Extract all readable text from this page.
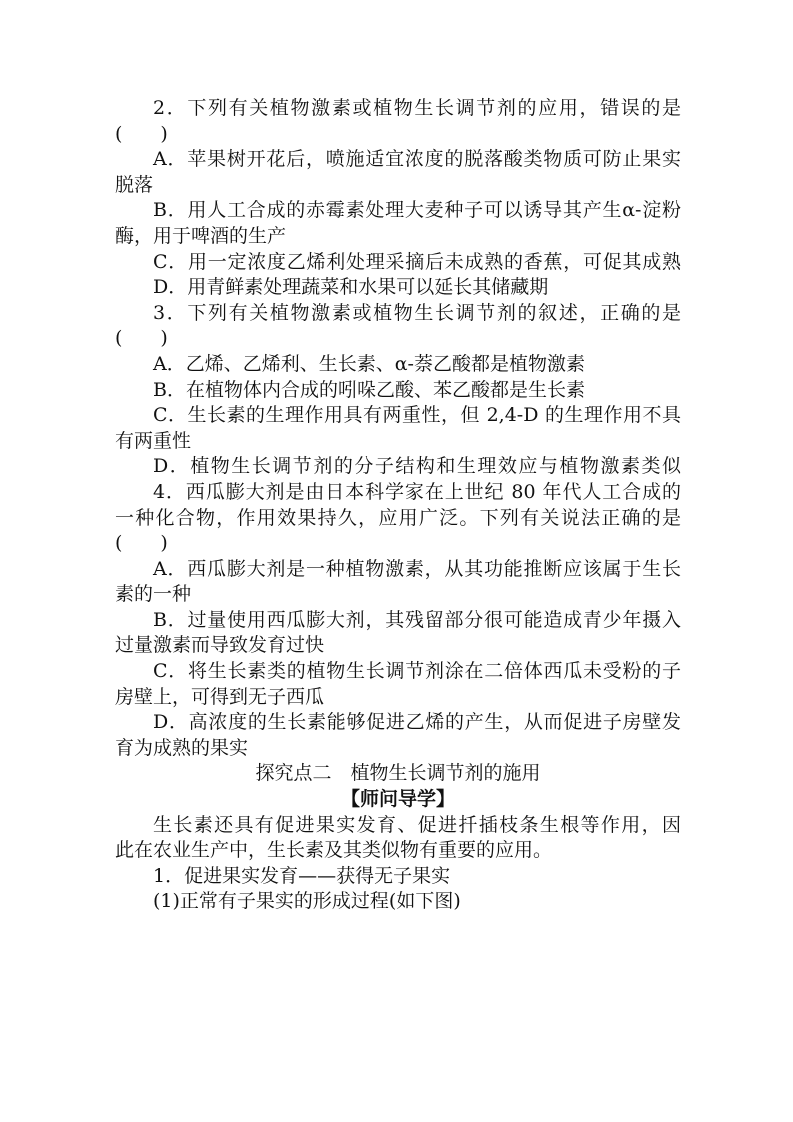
2．下列有关植物激素或植物生长调节剂的应用，错误的是
(　　)
A．苹果树开花后，喷施适宜浓度的脱落酸类物质可防止果实
脱落
B．用人工合成的赤霉素处理大麦种子可以诱导其产生α-淀粉
酶，用于啤酒的生产
C．用一定浓度乙烯利处理采摘后未成熟的香蕉，可促其成熟
D．用青鲜素处理蔬菜和水果可以延长其储藏期
3．下列有关植物激素或植物生长调节剂的叙述，正确的是
(　　)
A．乙烯、乙烯利、生长素、α-萘乙酸都是植物激素
B．在植物体内合成的吲哚乙酸、苯乙酸都是生长素
C．生长素的生理作用具有两重性，但 2,4-D 的生理作用不具
有两重性
D．植物生长调节剂的分子结构和生理效应与植物激素类似
4．西瓜膨大剂是由日本科学家在上世纪 80 年代人工合成的
一种化合物，作用效果持久，应用广泛。下列有关说法正确的是
(　　)
A．西瓜膨大剂是一种植物激素，从其功能推断应该属于生长
素的一种
B．过量使用西瓜膨大剂，其残留部分很可能造成青少年摄入
过量激素而导致发育过快
C．将生长素类的植物生长调节剂涂在二倍体西瓜未受粉的子
房壁上，可得到无子西瓜
D．高浓度的生长素能够促进乙烯的产生，从而促进子房壁发
育为成熟的果实
探究点二　植物生长调节剂的施用
【师问导学】
生长素还具有促进果实发育、促进扦插枝条生根等作用，因
此在农业生产中，生长素及其类似物有重要的应用。
1．促进果实发育——获得无子果实
(1)正常有子果实的形成过程(如下图)
